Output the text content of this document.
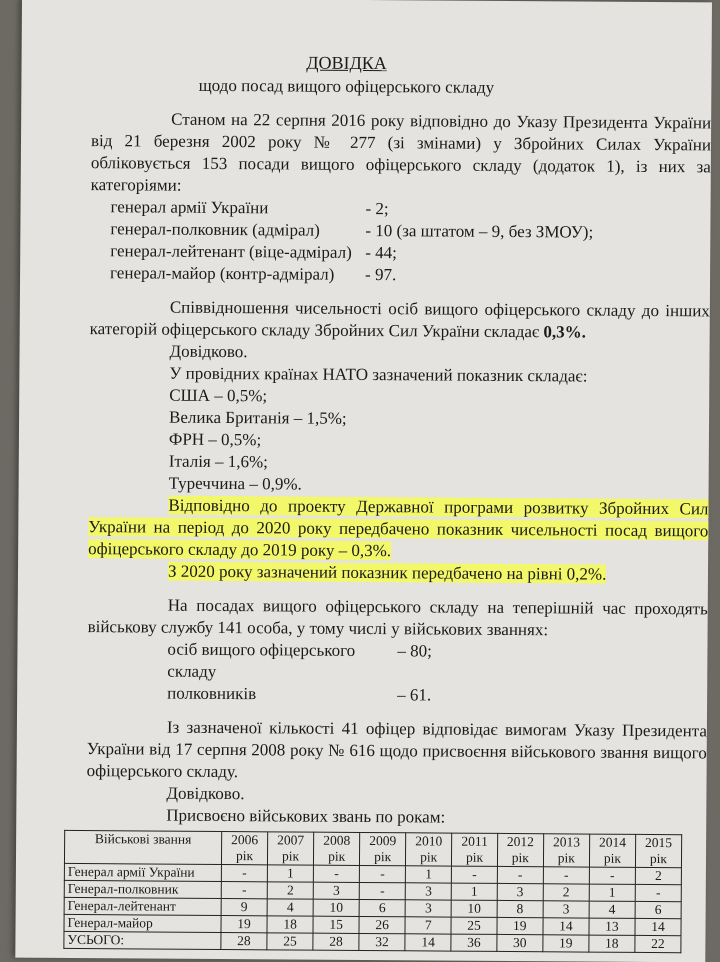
ДОВІДКА

щодо посад вищого офіцерського складу

Станом на 22 серпня 2016 року відповідно до Указу Президента України від 21 березня 2002 року № 277 (зі змінами) у Збройних Силах України обліковується 153 посади вищого офіцерського складу (додаток 1), із них за категоріями:

генерал армії України	- 2;
генерал-полковник (адмірал)	- 10 (за штатом – 9, без ЗМОУ);
генерал-лейтенант (віце-адмірал) - 44;
генерал-майор (контр-адмірал)	- 97.

Співвідношення чисельності осіб вищого офіцерського складу до інших категорій офіцерського складу Збройних Сил України складає 0,3%.

Довідково.

У провідних країнах НАТО зазначений показник складає:

США – 0,5%;
Велика Британія – 1,5%;
ФРН – 0,5%;
Італія – 1,6%;
Туреччина – 0,9%.

Відповідно до проекту Державної програми розвитку Збройних Сил України на період до 2020 року передбачено показник чисельності посад вищого офіцерського складу до 2019 року – 0,3%.

З 2020 року зазначений показник передбачено на рівні 0,2%.

На посадах вищого офіцерського складу на теперішній час проходять військову службу 141 особа, у тому числі у військових званнях:

осіб вищого офіцерського складу
– 80;
полковників	– 61.

Із зазначеної кількості 41 офіцер відповідає вимогам Указу Президента України від 17 серпня 2008 року № 616 щодо присвоєння військового звання вищого офіцерського складу.

Довідково.

Присвоєно військових звань по рокам:

Військові звання	2006 рік	2007 рік	2008 рік	2009 рік	2010 рік	2011 рік	2012 рік	2013 рік	2014 рік	2015 рік
Генерал армії України	-	1	-	-	1	-	-	-	-	2
Генерал-полковник	-	2	3	-	3	1	3	2	1	-
Генерал-лейтенант	9	4	10	6	3	10	8	3	4	6
Генерал-майор	19	18	15	26	7	25	19	14	13	14
УСЬОГО:	28	25	28	32	14	36	30	19	18	22
